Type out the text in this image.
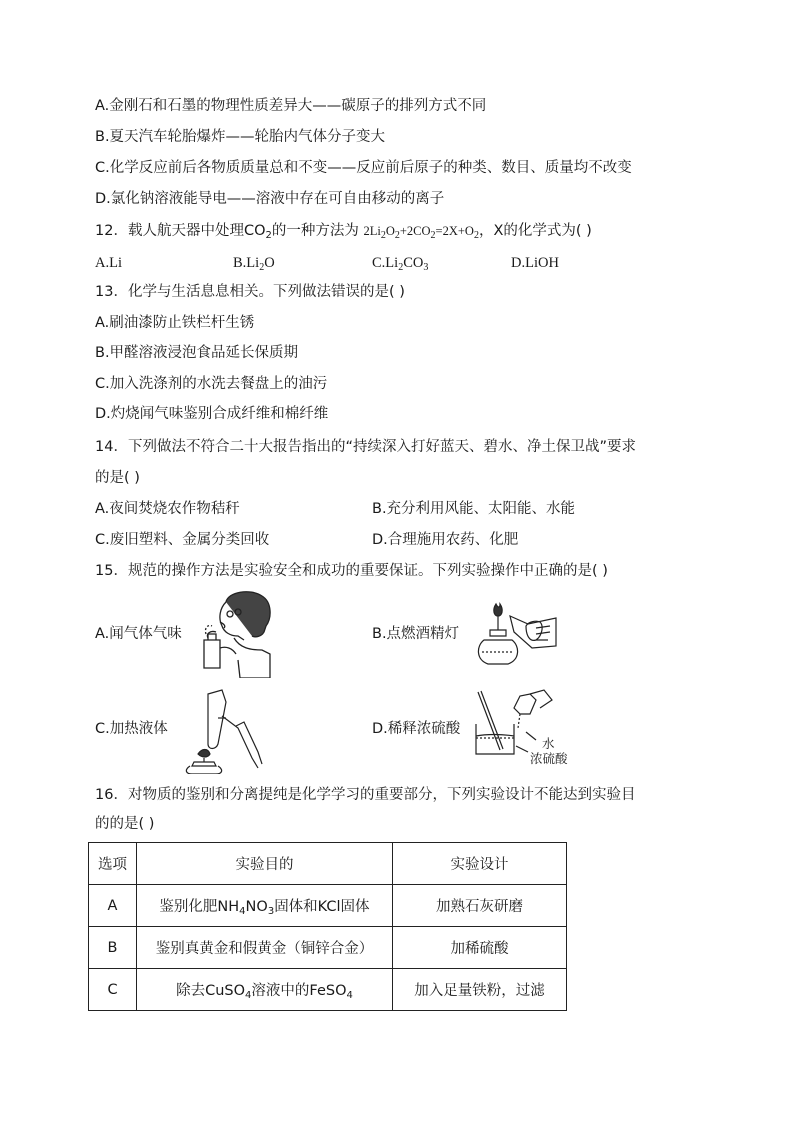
A.金刚石和石墨的物理性质差异大——碳原子的排列方式不同
B.夏天汽车轮胎爆炸——轮胎内气体分子变大
C.化学反应前后各物质质量总和不变——反应前后原子的种类、数目、质量均不改变
D.氯化钠溶液能导电——溶液中存在可自由移动的离子
12．载人航天器中处理$CO_2$的一种方法为 $2Li_2O_2+2CO_2=2X+O_2$，X的化学式为( )
A.Li	$B.Li_2O$	$C.Li_2CO_3$	D.LiOH
13．化学与生活息息相关。下列做法错误的是( )
A.刷油漆防止铁栏杆生锈
B.甲醛溶液浸泡食品延长保质期
C.加入洗涤剂的水洗去餐盘上的油污
D.灼烧闻气味鉴别合成纤维和棉纤维
14．下列做法不符合二十大报告指出的“持续深入打好蓝天、碧水、净土保卫战”要求
的是( )
A.夜间焚烧农作物秸秆	B.充分利用风能、太阳能、水能
C.废旧塑料、金属分类回收	D.合理施用农药、化肥
15．规范的操作方法是实验安全和成功的重要保证。下列实验操作中正确的是( )
A.闻气体气味	B.点燃酒精灯
C.加热液体	D.稀释浓硫酸
水
浓硫酸
16．对物质的鉴别和分离提纯是化学学习的重要部分，下列实验设计不能达到实验目
的的是( )
选项	实验目的	实验设计
A	鉴别化肥$NH_4NO_3$固体和KCl固体	加熟石灰研磨
B	鉴别真黄金和假黄金（铜锌合金）	加稀硫酸
C	除去CuSO$_4$溶液中的FeSO$_4$	加入足量铁粉，过滤
